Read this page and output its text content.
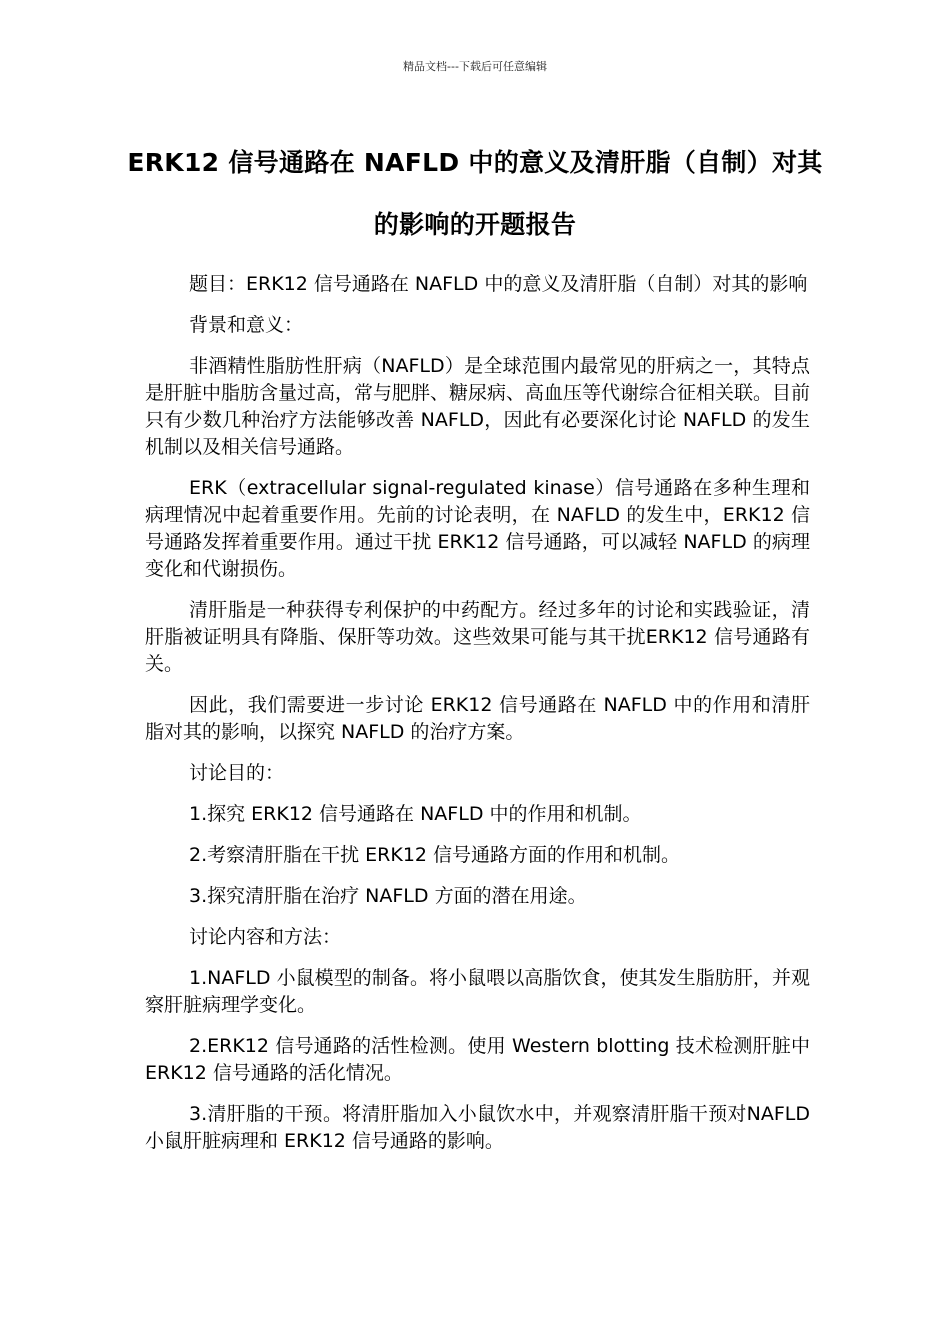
精品文档---下载后可任意编辑
ERK12 信号通路在 NAFLD 中的意义及清肝脂（自制）对其的影响的开题报告

题目：ERK12 信号通路在 NAFLD 中的意义及清肝脂（自制）对其的影响

背景和意义：

非酒精性脂肪性肝病（NAFLD）是全球范围内最常见的肝病之一，其特点是肝脏中脂肪含量过高，常与肥胖、糖尿病、高血压等代谢综合征相关联。目前只有少数几种治疗方法能够改善 NAFLD，因此有必要深化讨论 NAFLD 的发生机制以及相关信号通路。

ERK（extracellular signal-regulated kinase）信号通路在多种生理和病理情况中起着重要作用。先前的讨论表明，在 NAFLD 的发生中，ERK12 信号通路发挥着重要作用。通过干扰 ERK12 信号通路，可以减轻 NAFLD 的病理变化和代谢损伤。

清肝脂是一种获得专利保护的中药配方。经过多年的讨论和实践验证，清肝脂被证明具有降脂、保肝等功效。这些效果可能与其干扰ERK12 信号通路有关。

因此，我们需要进一步讨论 ERK12 信号通路在 NAFLD 中的作用和清肝脂对其的影响，以探究 NAFLD 的治疗方案。

讨论目的：

1.探究 ERK12 信号通路在 NAFLD 中的作用和机制。

2.考察清肝脂在干扰 ERK12 信号通路方面的作用和机制。

3.探究清肝脂在治疗 NAFLD 方面的潜在用途。

讨论内容和方法：

1.NAFLD 小鼠模型的制备。将小鼠喂以高脂饮食，使其发生脂肪肝，并观察肝脏病理学变化。

2.ERK12 信号通路的活性检测。使用 Western blotting 技术检测肝脏中 ERK12 信号通路的活化情况。

3.清肝脂的干预。将清肝脂加入小鼠饮水中，并观察清肝脂干预对NAFLD 小鼠肝脏病理和 ERK12 信号通路的影响。
